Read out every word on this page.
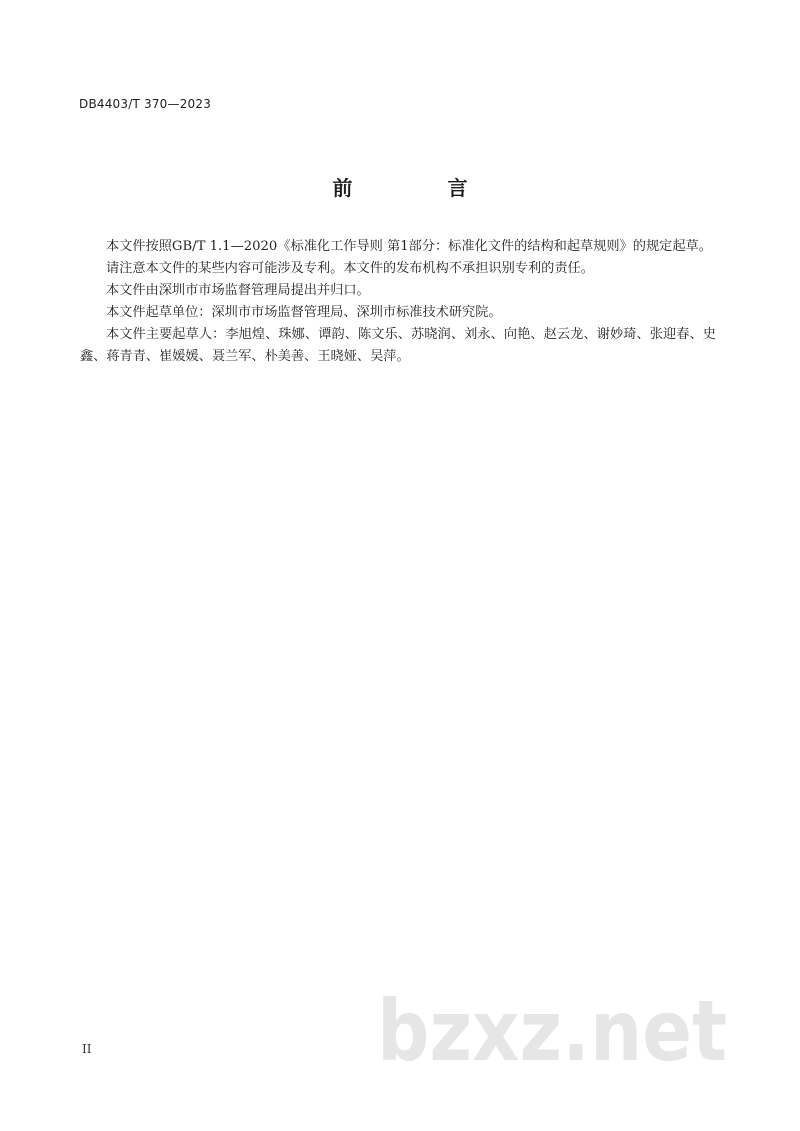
DB4403/T 370—2023
前 言

本文件按照GB/T 1.1—2020《标准化工作导则 第1部分：标准化文件的结构和起草规则》的规定起草。

请注意本文件的某些内容可能涉及专利。本文件的发布机构不承担识别专利的责任。

本文件由深圳市市场监督管理局提出并归口。

本文件起草单位：深圳市市场监督管理局、深圳市标准技术研究院。

本文件主要起草人：李旭煌、珠娜、谭韵、陈文乐、苏晓润、刘永、向艳、赵云龙、谢妙琦、张迎春、史鑫、蒋青青、崔媛媛、聂兰军、朴美善、王晓娅、吴萍。

II	bzxz.net
